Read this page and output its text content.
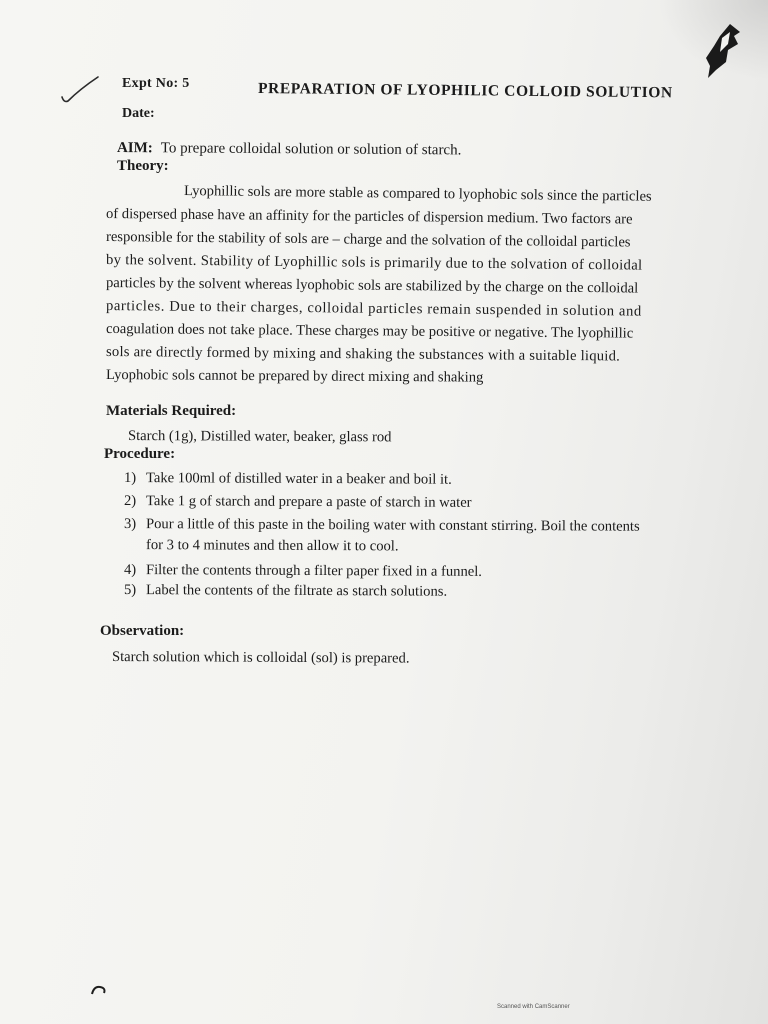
Expt No: 5	PREPARATION OF LYOPHILIC COLLOID SOLUTION
Date:
AIM: To prepare colloidal solution or solution of starch.
Theory:
Lyophillic sols are more stable as compared to lyophobic sols since the particles
of dispersed phase have an affinity for the particles of dispersion medium. Two factors are
responsible for the stability of sols are – charge and the solvation of the colloidal particles
by the solvent. Stability of Lyophillic sols is primarily due to the solvation of colloidal
particles by the solvent whereas lyophobic sols are stabilized by the charge on the colloidal
particles. Due to their charges, colloidal particles remain suspended in solution and
coagulation does not take place. These charges may be positive or negative. The lyophillic
sols are directly formed by mixing and shaking the substances with a suitable liquid.
Lyophobic sols cannot be prepared by direct mixing and shaking
Materials Required:
Starch (1g), Distilled water, beaker, glass rod
Procedure:
1) Take 100ml of distilled water in a beaker and boil it.
2) Take 1 g of starch and prepare a paste of starch in water
3) Pour a little of this paste in the boiling water with constant stirring. Boil the contents
for 3 to 4 minutes and then allow it to cool.
4) Filter the contents through a filter paper fixed in a funnel.
5) Label the contents of the filtrate as starch solutions.
Observation:
Starch solution which is colloidal (sol) is prepared.
Scanned with CamScanner
